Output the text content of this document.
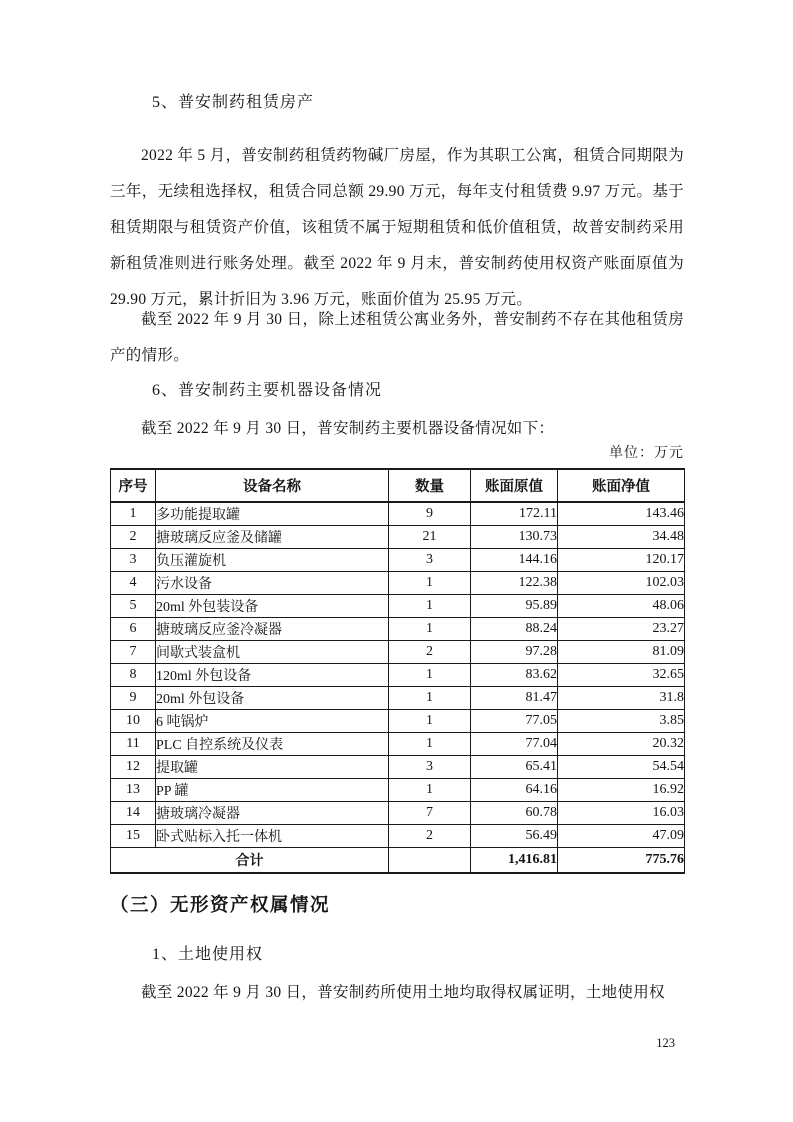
5、普安制药租赁房产

2022 年 5 月，普安制药租赁药物碱厂房屋，作为其职工公寓，租赁合同期限为三年，无续租选择权，租赁合同总额 29.90 万元，每年支付租赁费 9.97 万元。基于租赁期限与租赁资产价值，该租赁不属于短期租赁和低价值租赁，故普安制药采用新租赁准则进行账务处理。截至 2022 年 9 月末，普安制药使用权资产账面原值为 29.90 万元，累计折旧为 3.96 万元，账面价值为 25.95 万元。

截至 2022 年 9 月 30 日，除上述租赁公寓业务外，普安制药不存在其他租赁房产的情形。

6、普安制药主要机器设备情况

截至 2022 年 9 月 30 日，普安制药主要机器设备情况如下：

单位：万元
序号	设备名称	数量	账面原值	账面净值
1	多功能提取罐	9	172.11	143.46
2	搪玻璃反应釜及储罐	21	130.73	34.48
3	负压灌旋机	3	144.16	120.17
4	污水设备	1	122.38	102.03
5	20ml 外包装设备	1	95.89	48.06
6	搪玻璃反应釜冷凝器	1	88.24	23.27
7	间歇式装盒机	2	97.28	81.09
8	120ml 外包设备	1	83.62	32.65
9	20ml 外包设备	1	81.47	31.8
10	6 吨锅炉	1	77.05	3.85
11	PLC 自控系统及仪表	1	77.04	20.32
12	提取罐	3	65.41	54.54
13	PP 罐	1	64.16	16.92
14	搪玻璃冷凝器	7	60.78	16.03
15	卧式贴标入托一体机	2	56.49	47.09
合计			1,416.81	775.76
（三）无形资产权属情况
1、土地使用权

截至 2022 年 9 月 30 日，普安制药所使用土地均取得权属证明，土地使用权

123
